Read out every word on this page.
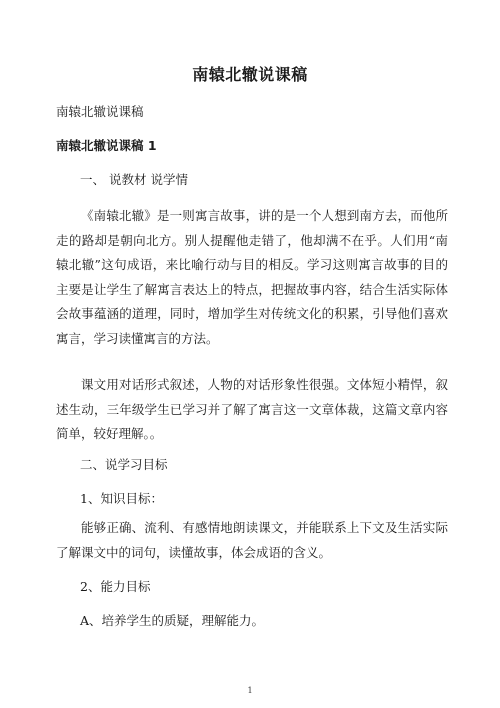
南辕北辙说课稿
南辕北辙说课稿
南辕北辙说课稿 1
一、 说教材 说学情
《南辕北辙》是一则寓言故事，讲的是一个人想到南方去，而他所走的路却是朝向北方。别人提醒他走错了，他却满不在乎。人们用“南辕北辙”这句成语，来比喻行动与目的相反。学习这则寓言故事的目的主要是让学生了解寓言表达上的特点，把握故事内容，结合生活实际体会故事蕴涵的道理，同时，增加学生对传统文化的积累，引导他们喜欢寓言，学习读懂寓言的方法。
课文用对话形式叙述，人物的对话形象性很强。文体短小精悍，叙述生动，三年级学生已学习并了解了寓言这一文章体裁，这篇文章内容简单，较好理解。。
二、说学习目标
1、知识目标：
能够正确、流利、有感情地朗读课文，并能联系上下文及生活实际了解课文中的词句，读懂故事，体会成语的含义。
2、能力目标
A、培养学生的质疑，理解能力。
1
